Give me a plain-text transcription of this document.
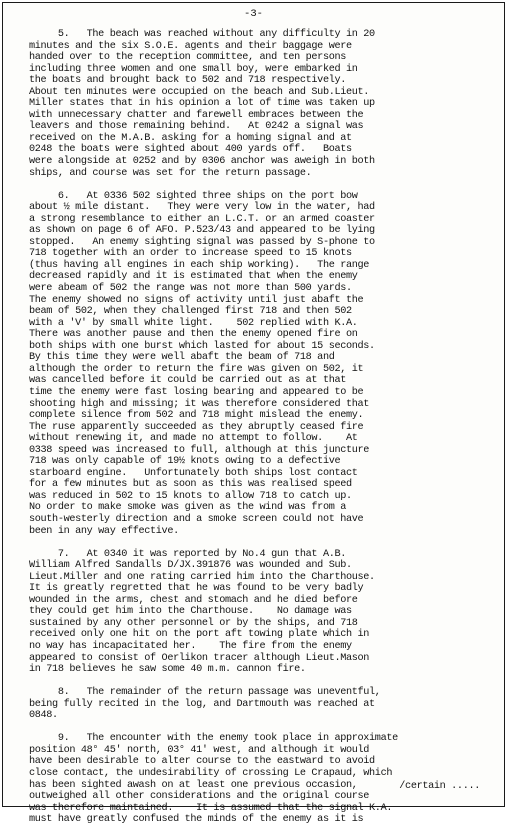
-3-
5.   The beach was reached without any difficulty in 20
minutes and the six S.O.E. agents and their baggage were
handed over to the reception committee, and ten persons
including three women and one small boy, were embarked in
the boats and brought back to 502 and 718 respectively.
About ten minutes were occupied on the beach and Sub.Lieut.
Miller states that in his opinion a lot of time was taken up
with unnecessary chatter and farewell embraces between the
leavers and those remaining behind.   At 0242 a signal was
received on the M.A.B. asking for a homing signal and at
0248 the boats were sighted about 400 yards off.   Boats
were alongside at 0252 and by 0306 anchor was aweigh in both
ships, and course was set for the return passage.
6.   At 0336 502 sighted three ships on the port bow
about ½ mile distant.   They were very low in the water, had
a strong resemblance to either an L.C.T. or an armed coaster
as shown on page 6 of AFO. P.523/43 and appeared to be lying
stopped.   An enemy sighting signal was passed by S-phone to
718 together with an order to increase speed to 15 knots
(thus having all engines in each ship working).   The range
decreased rapidly and it is estimated that when the enemy
were abeam of 502 the range was not more than 500 yards.
The enemy showed no signs of activity until just abaft the
beam of 502, when they challenged first 718 and then 502
with a 'V' by small white light.    502 replied with K.A.
There was another pause and then the enemy opened fire on
both ships with one burst which lasted for about 15 seconds.
By this time they were well abaft the beam of 718 and
although the order to return the fire was given on 502, it
was cancelled before it could be carried out as at that
time the enemy were fast losing bearing and appeared to be
shooting high and missing; it was therefore considered that
complete silence from 502 and 718 might mislead the enemy.
The ruse apparently succeeded as they abruptly ceased fire
without renewing it, and made no attempt to follow.    At
0338 speed was increased to full, although at this juncture
718 was only capable of 19½ knots owing to a defective
starboard engine.   Unfortunately both ships lost contact
for a few minutes but as soon as this was realised speed
was reduced in 502 to 15 knots to allow 718 to catch up.
No order to make smoke was given as the wind was from a
south-westerly direction and a smoke screen could not have
been in any way effective.
7.   At 0340 it was reported by No.4 gun that A.B.
William Alfred Sandalls D/JX.391876 was wounded and Sub.
Lieut.Miller and one rating carried him into the Charthouse.
It is greatly regretted that he was found to be very badly
wounded in the arms, chest and stomach and he died before
they could get him into the Charthouse.    No damage was
sustained by any other personnel or by the ships, and 718
received only one hit on the port aft towing plate which in
no way has incapacitated her.    The fire from the enemy
appeared to consist of Oerlikon tracer although Lieut.Mason
in 718 believes he saw some 40 m.m. cannon fire.
8.   The remainder of the return passage was uneventful,
being fully recited in the log, and Dartmouth was reached at
0848.
9.   The encounter with the enemy took place in approximate
position 48° 45' north, 03° 41' west, and although it would
have been desirable to alter course to the eastward to avoid
close contact, the undesirability of crossing Le Crapaud, which
has been sighted awash on at least one previous occasion,
outweighed all other considerations and the original course
was therefore maintained.    It is assumed that the signal K.A.
must have greatly confused the minds of the enemy as it is
/certain .....
